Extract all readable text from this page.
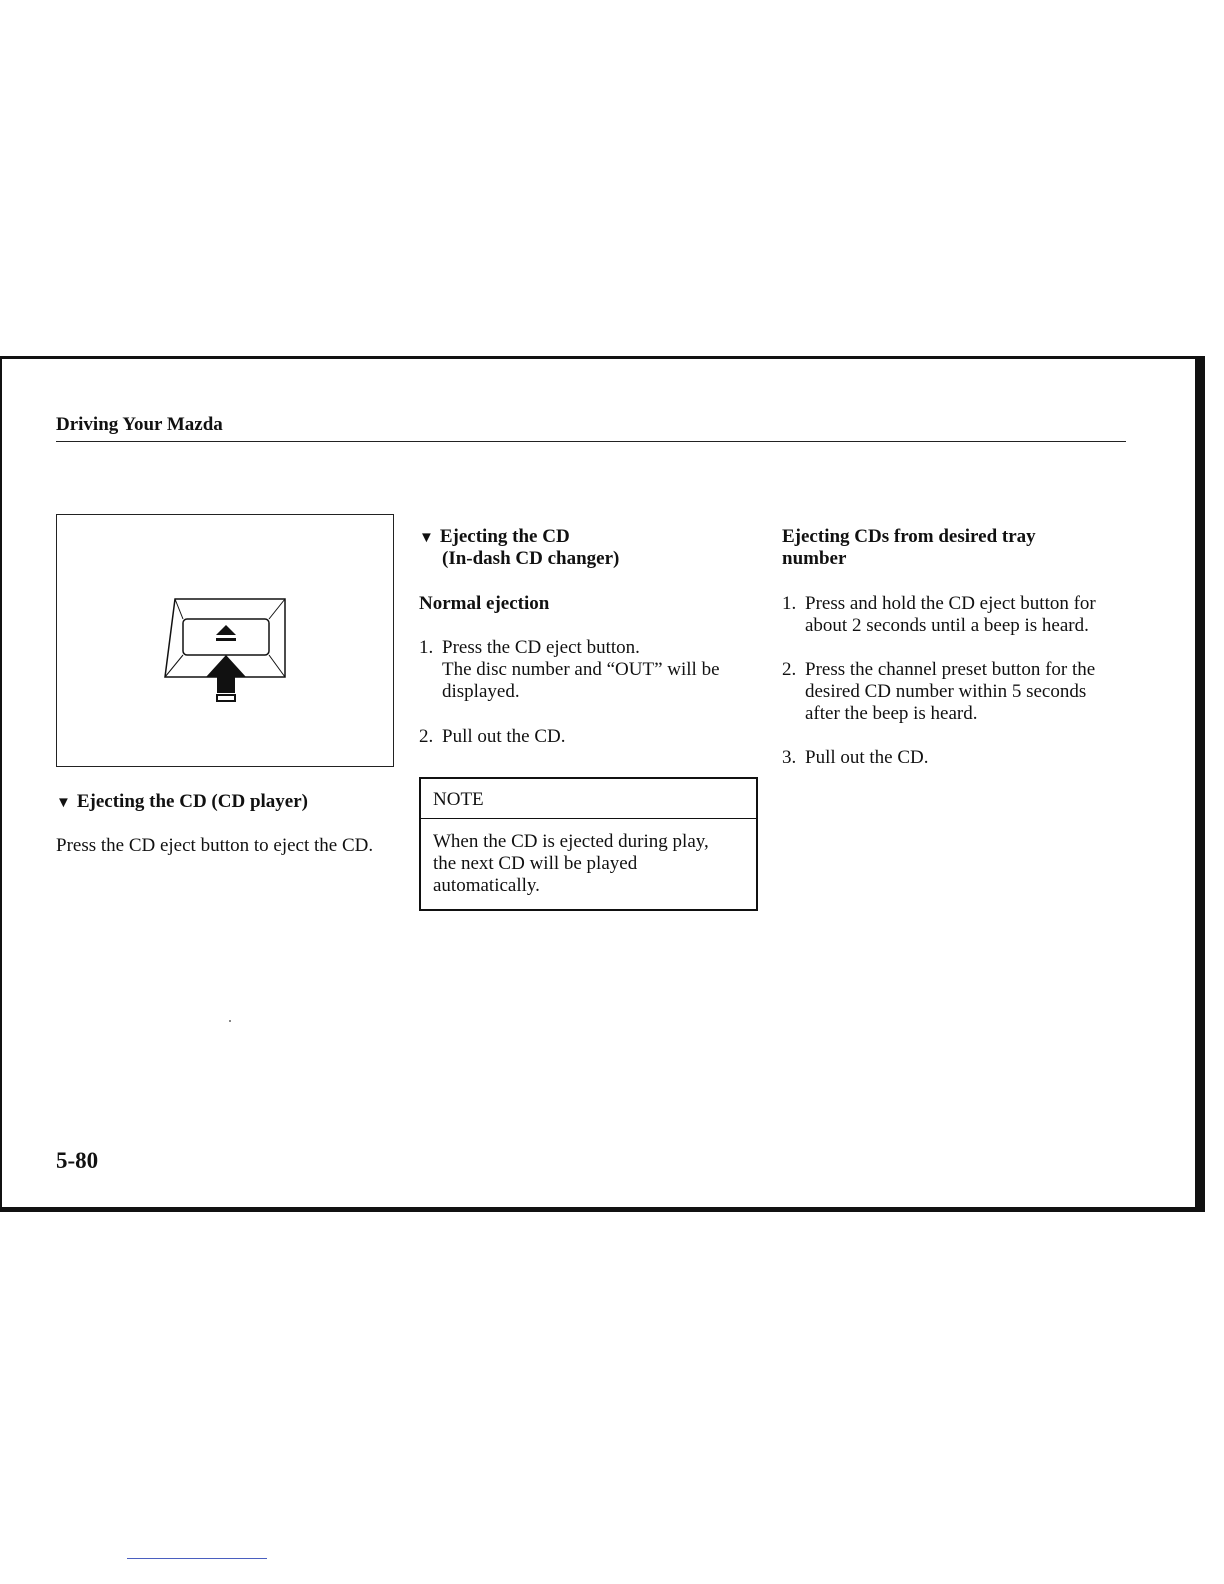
Driving Your Mazda
▼ Ejecting the CD (CD player)
Press the CD eject button to eject the CD.
▼ Ejecting the CD
(In-dash CD changer)
Normal ejection
1. Press the CD eject button.
The disc number and “OUT” will be
displayed.
2. Pull out the CD.
NOTE
When the CD is ejected during play,
the next CD will be played
automatically.
Ejecting CDs from desired tray
number
1. Press and hold the CD eject button for
about 2 seconds until a beep is heard.
2. Press the channel preset button for the
desired CD number within 5 seconds
after the beep is heard.
3. Pull out the CD.
5-80
